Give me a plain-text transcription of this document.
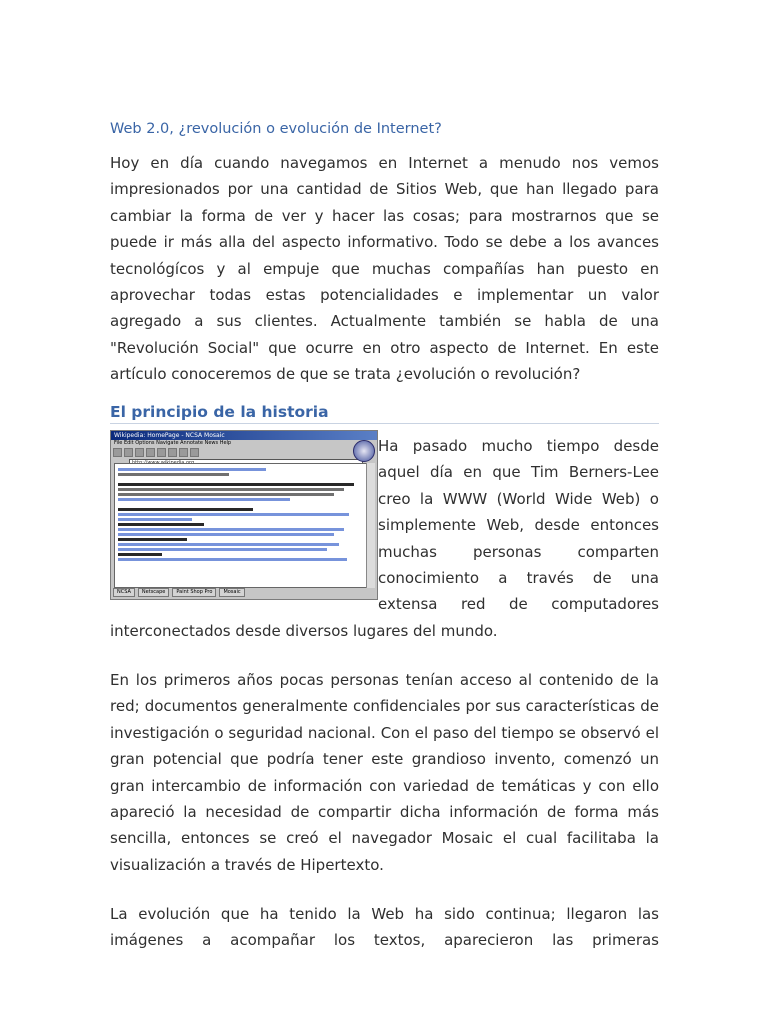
Web 2.0, ¿revolución o evolución de Internet?

Hoy en día cuando navegamos en Internet a menudo nos vemos impresionados por una cantidad de Sitios Web, que han llegado para cambiar la forma de ver y hacer las cosas; para mostrarnos que se puede ir más alla del aspecto informativo. Todo se debe a los avances tecnológícos y al empuje que muchas compañías han puesto en aprovechar todas estas potencialidades e implementar un valor agregado a sus clientes. Actualmente también se habla de una "Revolución Social" que ocurre en otro aspecto de Internet. En este artículo conoceremos de que se trata ¿evolución o revolución?

El principio de la historia
Wikipedia: HomePage - NCSA Mosaic
File Edit Options Navigate Annotate News Help
NCSA	Netscape	Paint Shop Pro	Mosaic

Ha pasado mucho tiempo desde aquel día en que Tim Berners-Lee creo la WWW (World Wide Web) o simplemente Web, desde entonces muchas personas comparten conocimiento a través de una extensa red de computadores

interconectados desde diversos lugares del mundo.

En los primeros años pocas personas tenían acceso al contenido de la red; documentos generalmente confidenciales por sus características de investigación o seguridad nacional. Con el paso del tiempo se observó el gran potencial que podría tener este grandioso invento, comenzó un gran intercambio de información con variedad de temáticas y con ello apareció la necesidad de compartir dicha información de forma más sencilla, entonces se creó el navegador Mosaic el cual facilitaba la visualización a través de Hipertexto.

La evolución que ha tenido la Web ha sido continua; llegaron las imágenes a acompañar los textos, aparecieron las primeras
